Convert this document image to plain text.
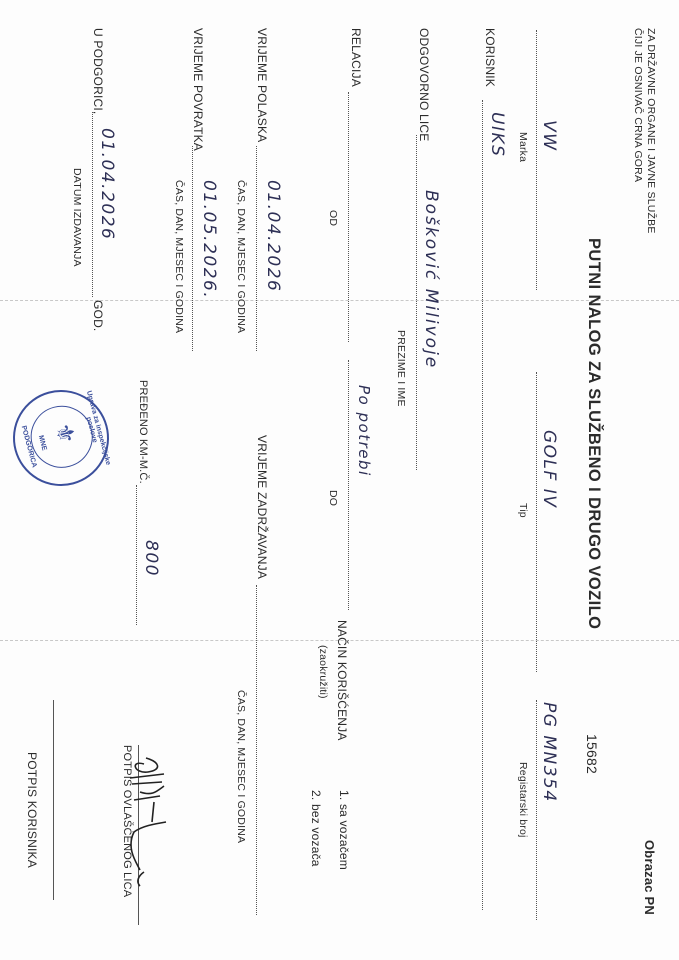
ZA DRŽAVNE ORGANE I JAVNE SLUŽBE
ČIJI JE OSNIVAČ CRNA GORA
Obrazac PN
PUTNI NALOG ZA SLUŽBENO I DRUGO VOZILO
15682
VW
Marka
GOLF IV
Tip
PG MN354
Registarski broj
KORISNIK
UIKS
ODGOVORNO LICE
Bošković Milivoje
PREZIME I IME
NAČIN KORIŠĆENJA
(zaokružiti)
1. sa vozačem
2. bez vozača
RELACIJA
OD
Po potrebi
DO
VRIJEME POLASKA
01.04.2026
ČAS, DAN, MJESEC I GODINA
VRIJEME ZADRŽAVANJA
ČAS, DAN, MJESEC I GODINA
VRIJEME POVRATKA
01.05.2026.
ČAS, DAN, MJESEC I GODINA
PREĐENO KM-M.Č.
800
POTPIS OVLAŠĆENOG LICA
U PODGORICI,
01.04.2026
GOD.
DATUM IZDAVANJA
Uprava za inspekcijske poslove
⚜
MNE
PODGORICA
POTPIS KORISNIKA
